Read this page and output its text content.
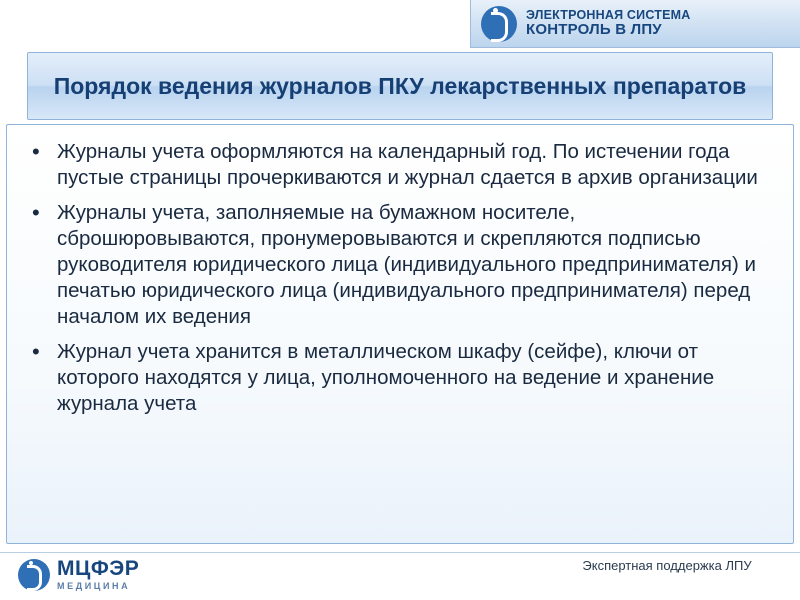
ЭЛЕКТРОННАЯ СИСТЕМА
КОНТРОЛЬ В ЛПУ
Порядок ведения журналов ПКУ лекарственных препаратов
• Журналы учета оформляются на календарный год. По истечении года пустые страницы прочеркиваются и журнал сдается в архив организации
• Журналы учета, заполняемые на бумажном носителе, сброшюровываются, пронумеровываются и скрепляются подписью руководителя юридического лица (индивидуального предпринимателя) и печатью юридического лица (индивидуального предпринимателя) перед началом их ведения
• Журнал учета хранится в металлическом шкафу (сейфе), ключи от которого находятся у лица, уполномоченного на ведение и хранение журнала учета
МЦФЭР
МЕДИЦИНА
Экспертная поддержка ЛПУ
